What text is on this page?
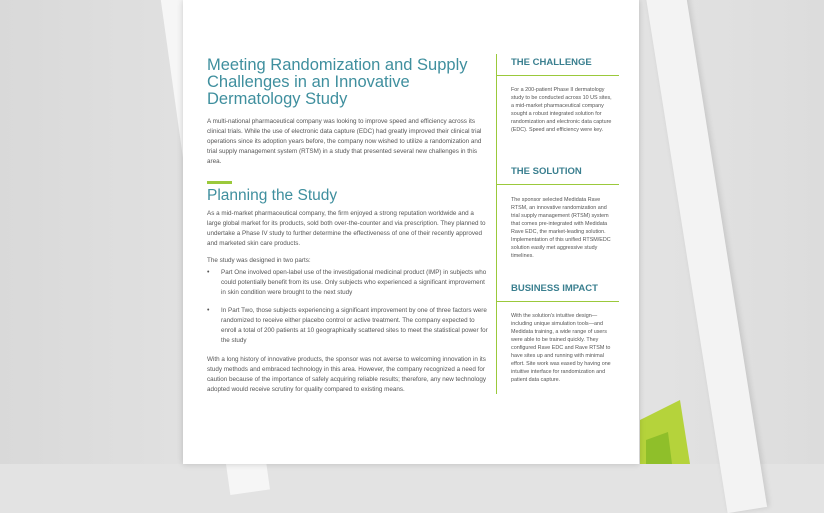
Meeting Randomization and Supply Challenges in an Innovative Dermatology Study

A multi-national pharmaceutical company was looking to improve speed and efficiency across its clinical trials. While the use of electronic data capture (EDC) had greatly improved their clinical trial operations since its adoption years before, the company now wished to utilize a randomization and trial supply management system (RTSM) in a study that presented several new challenges in this area.

Planning the Study

As a mid-market pharmaceutical company, the firm enjoyed a strong reputation worldwide and a large global market for its products, sold both over-the-counter and via prescription. They planned to undertake a Phase IV study to further determine the effectiveness of one of their recently approved and marketed skin care products.

The study was designed in two parts:

• Part One involved open-label use of the investigational medicinal product (IMP) in subjects who could potentially benefit from its use. Only subjects who experienced a significant improvement in skin condition were brought to the next study
• In Part Two, those subjects experiencing a significant improvement by one of three factors were randomized to receive either placebo control or active treatment. The company expected to enroll a total of 200 patients at 10 geographically scattered sites to meet the statistical power for the study

With a long history of innovative products, the sponsor was not averse to welcoming innovation in its study methods and embraced technology in this area. However, the company recognized a need for caution because of the importance of safely acquiring reliable results; therefore, any new technology adopted would receive scrutiny for quality compared to existing means.

THE CHALLENGE

For a 200-patient Phase II dermatology study to be conducted across 10 US sites, a mid-market pharmaceutical company sought a robust integrated solution for randomization and electronic data capture (EDC). Speed and efficiency were key.

THE SOLUTION

The sponsor selected Medidata Rave RTSM, an innovative randomization and trial supply management (RTSM) system that comes pre-integrated with Medidata Rave EDC, the market-leading solution. Implementation of this unified RTSM/EDC solution easily met aggressive study timelines.

BUSINESS IMPACT

With the solution's intuitive design—including unique simulation tools—and Medidata training, a wide range of users were able to be trained quickly. They configured Rave EDC and Rave RTSM to have sites up and running with minimal effort. Site work was eased by having one intuitive interface for randomization and patient data capture.
